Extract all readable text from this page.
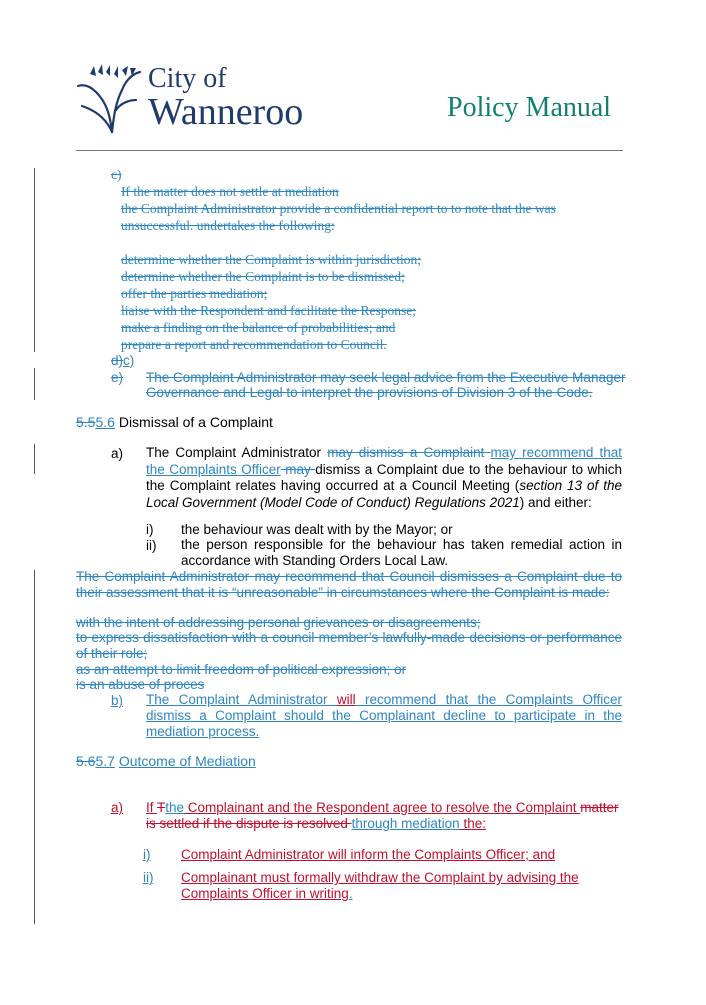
City of
Wanneroo	Policy Manual
c)
If the matter does not settle at mediation
the Complaint Administrator provide a confidential report to to note that the was
unsuccessful. undertakes the following:
determine whether the Complaint is within jurisdiction;
determine whether the Complaint is to be dismissed;
offer the parties mediation;
liaise with the Respondent and facilitate the Response;
make a finding on the balance of probabilities; and
prepare a report and recommendation to Council.
d)c)
e) The Complaint Administrator may seek legal advice from the Executive Manager
Governance and Legal to interpret the provisions of Division 3 of the Code.
5.55.6 Dismissal of a Complaint
a) The Complaint Administrator may dismiss a Complaint may recommend that the Complaints Officer may dismiss a Complaint due to the behaviour to which the Complaint relates having occurred at a Council Meeting (section 13 of the Local Government (Model Code of Conduct) Regulations 2021) and either:
i) the behaviour was dealt with by the Mayor; or
ii) the person responsible for the behaviour has taken remedial action in accordance with Standing Orders Local Law.
The Complaint Administrator may recommend that Council dismisses a Complaint due to their assessment that it is “unreasonable” in circumstances where the Complaint is made:
with the intent of addressing personal grievances or disagreements;
to express dissatisfaction with a council member’s lawfully-made decisions or performance of their role;
as an attempt to limit freedom of political expression; or
is an abuse of proces
b) The Complaint Administrator will recommend that the Complaints Officer dismiss a Complaint should the Complainant decline to participate in the mediation process.
5.65.7 Outcome of Mediation
a) If Tthe Complainant and the Respondent agree to resolve the Complaint matter
is settled if the dispute is resolved through mediation the:
i) Complaint Administrator will inform the Complaints Officer; and
ii) Complainant must formally withdraw the Complaint by advising the
Complaints Officer in writing.
